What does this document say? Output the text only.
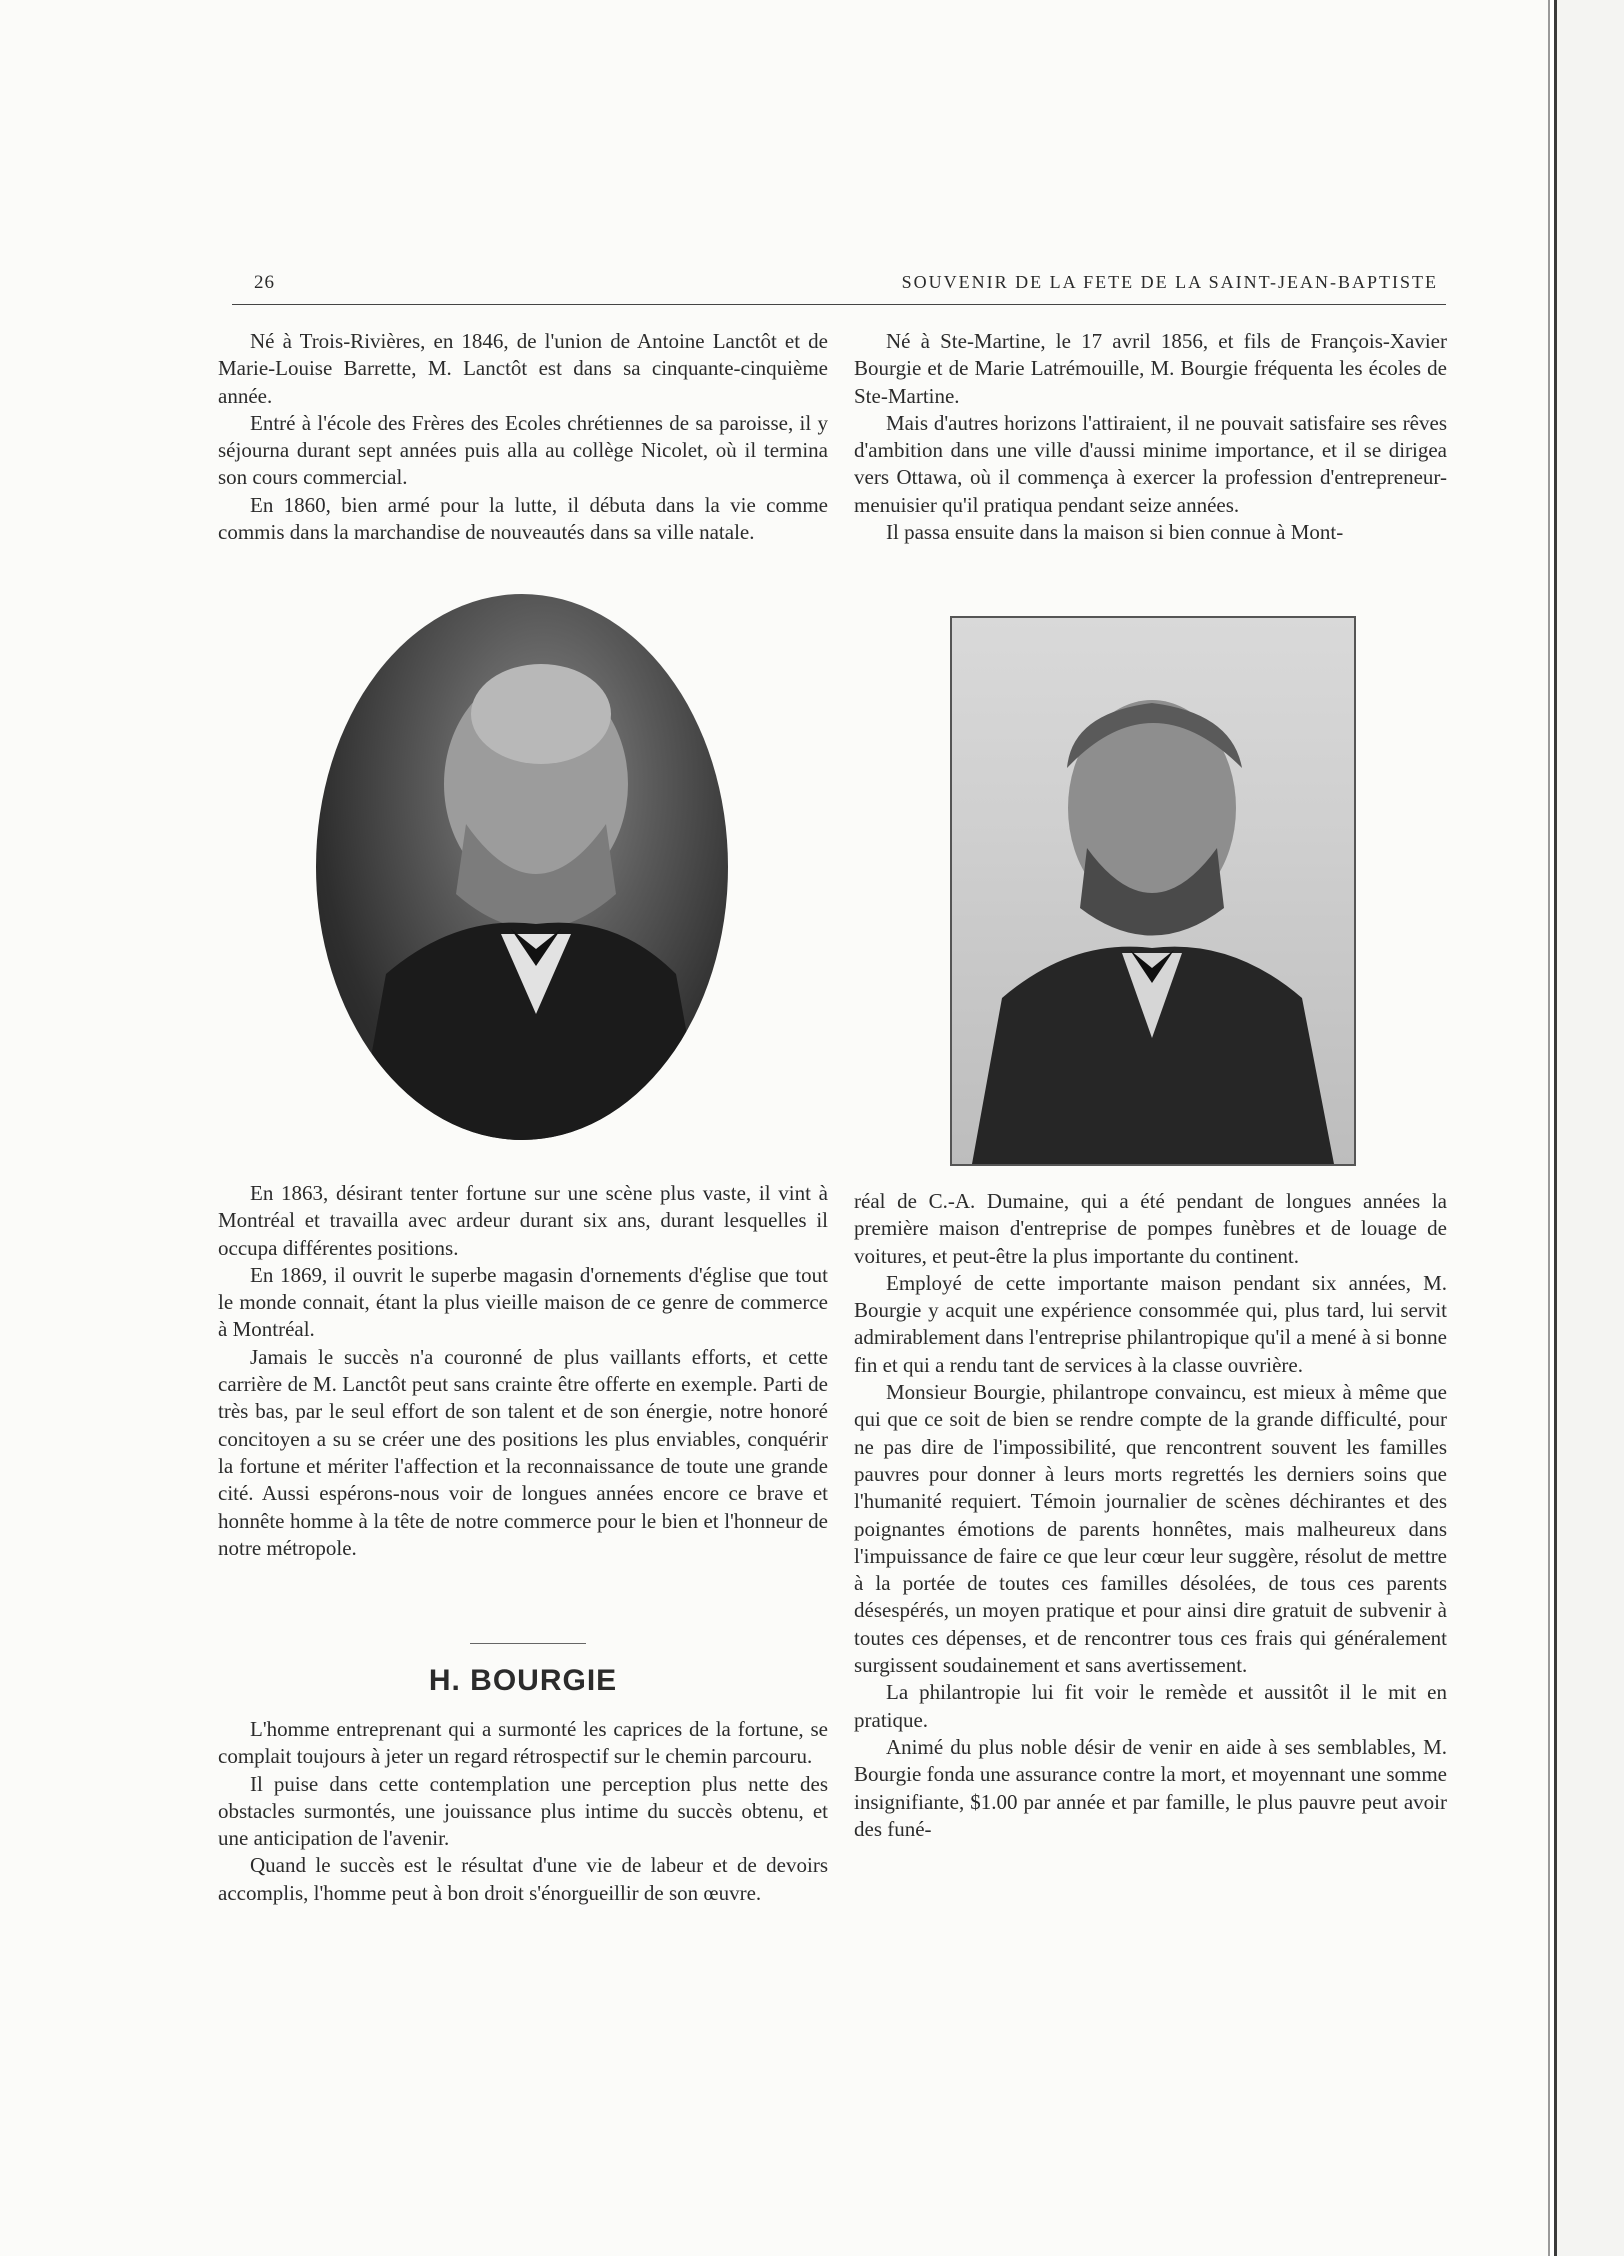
26	SOUVENIR DE LA FETE DE LA SAINT-JEAN-BAPTISTE

Né à Trois-Rivières, en 1846, de l'union de Antoine Lanctôt et de Marie-Louise Barrette, M. Lanctôt est dans sa cinquante-cinquième année.

Entré à l'école des Frères des Ecoles chrétiennes de sa paroisse, il y séjourna durant sept années puis alla au collège Nicolet, où il termina son cours commercial.

En 1860, bien armé pour la lutte, il débuta dans la vie comme commis dans la marchandise de nouveautés dans sa ville natale.

Né à Ste-Martine, le 17 avril 1856, et fils de François-Xavier Bourgie et de Marie Latrémouille, M. Bourgie fréquenta les écoles de Ste-Martine.

Mais d'autres horizons l'attiraient, il ne pouvait satisfaire ses rêves d'ambition dans une ville d'aussi minime importance, et il se dirigea vers Ottawa, où il commença à exercer la profession d'entrepreneur-menuisier qu'il pratiqua pendant seize années.

Il passa ensuite dans la maison si bien connue à Mont-

En 1863, désirant tenter fortune sur une scène plus vaste, il vint à Montréal et travailla avec ardeur durant six ans, durant lesquelles il occupa différentes positions.

En 1869, il ouvrit le superbe magasin d'ornements d'église que tout le monde connait, étant la plus vieille maison de ce genre de commerce à Montréal.

Jamais le succès n'a couronné de plus vaillants efforts, et cette carrière de M. Lanctôt peut sans crainte être offerte en exemple. Parti de très bas, par le seul effort de son talent et de son énergie, notre honoré concitoyen a su se créer une des positions les plus enviables, conquérir la fortune et mériter l'affection et la reconnaissance de toute une grande cité. Aussi espérons-nous voir de longues années encore ce brave et honnête homme à la tête de notre commerce pour le bien et l'honneur de notre métropole.

H. BOURGIE

L'homme entreprenant qui a surmonté les caprices de la fortune, se complait toujours à jeter un regard rétrospectif sur le chemin parcouru.

Il puise dans cette contemplation une perception plus nette des obstacles surmontés, une jouissance plus intime du succès obtenu, et une anticipation de l'avenir.

Quand le succès est le résultat d'une vie de labeur et de devoirs accomplis, l'homme peut à bon droit s'énorgueillir de son œuvre.

réal de C.-A. Dumaine, qui a été pendant de longues années la première maison d'entreprise de pompes funèbres et de louage de voitures, et peut-être la plus importante du continent.

Employé de cette importante maison pendant six années, M. Bourgie y acquit une expérience consommée qui, plus tard, lui servit admirablement dans l'entreprise philantropique qu'il a mené à si bonne fin et qui a rendu tant de services à la classe ouvrière.

Monsieur Bourgie, philantrope convaincu, est mieux à même que qui que ce soit de bien se rendre compte de la grande difficulté, pour ne pas dire de l'impossibilité, que rencontrent souvent les familles pauvres pour donner à leurs morts regrettés les derniers soins que l'humanité requiert. Témoin journalier de scènes déchirantes et des poignantes émotions de parents honnêtes, mais malheureux dans l'impuissance de faire ce que leur cœur leur suggère, résolut de mettre à la portée de toutes ces familles désolées, de tous ces parents désespérés, un moyen pratique et pour ainsi dire gratuit de subvenir à toutes ces dépenses, et de rencontrer tous ces frais qui généralement surgissent soudainement et sans avertissement.

La philantropie lui fit voir le remède et aussitôt il le mit en pratique.

Animé du plus noble désir de venir en aide à ses semblables, M. Bourgie fonda une assurance contre la mort, et moyennant une somme insignifiante, $1.00 par année et par famille, le plus pauvre peut avoir des funé-
